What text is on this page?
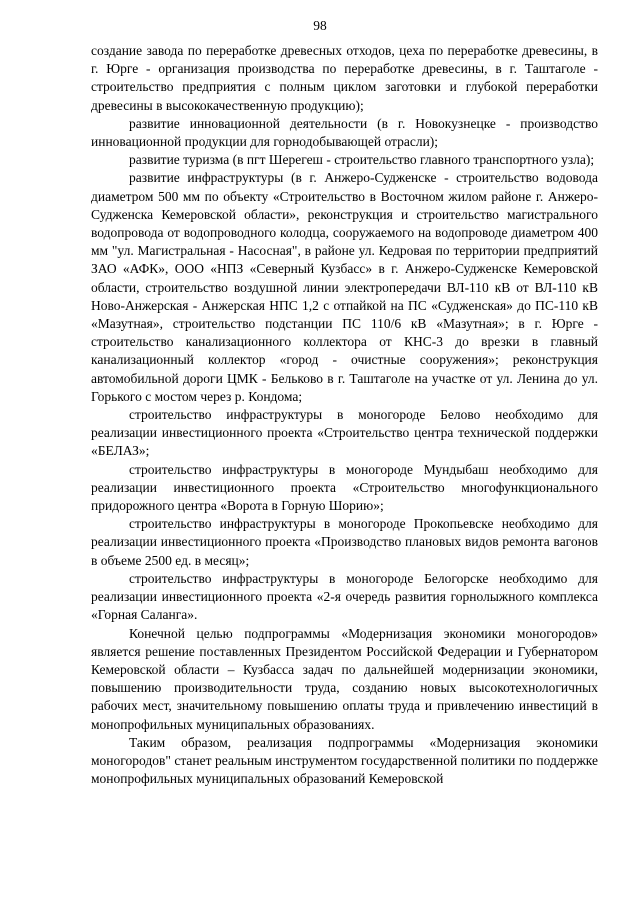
98

создание завода по переработке древесных отходов, цеха по переработке древесины, в г. Юрге - организация производства по переработке древесины, в г. Таштаголе - строительство предприятия с полным циклом заготовки и глубокой переработки древесины в высококачественную продукцию);

развитие инновационной деятельности (в г. Новокузнецке - производство инновационной продукции для горнодобывающей отрасли);

развитие туризма (в пгт Шерегеш - строительство главного транспортного узла);

развитие инфраструктуры (в г. Анжеро-Судженске - строительство водовода диаметром 500 мм по объекту «Строительство в Восточном жилом районе г. Анжеро-Судженска Кемеровской области», реконструкция и строительство магистрального водопровода от водопроводного колодца, сооружаемого на водопроводе диаметром 400 мм "ул. Магистральная - Насосная", в районе ул. Кедровая по территории предприятий ЗАО «АФК», ООО «НПЗ «Северный Кузбасс» в г. Анжеро-Судженске Кемеровской области, строительство воздушной линии электропередачи ВЛ-110 кВ от ВЛ-110 кВ Ново-Анжерская - Анжерская НПС 1,2 с отпайкой на ПС «Судженская» до ПС-110 кВ «Мазутная», строительство подстанции ПС 110/6 кВ «Мазутная»; в г. Юрге - строительство канализационного коллектора от КНС-3 до врезки в главный канализационный коллектор «город - очистные сооружения»; реконструкция автомобильной дороги ЦМК - Бельково в г. Таштаголе на участке от ул. Ленина до ул. Горького с мостом через р. Кондома;

строительство инфраструктуры в моногороде Белово необходимо для реализации инвестиционного проекта «Строительство центра технической поддержки «БЕЛАЗ»;

строительство инфраструктуры в моногороде Мундыбаш необходимо для реализации инвестиционного проекта «Строительство многофункционального придорожного центра «Ворота в Горную Шорию»;

строительство инфраструктуры в моногороде Прокопьевске необходимо для реализации инвестиционного проекта «Производство плановых видов ремонта вагонов в объеме 2500 ед. в месяц»;

строительство инфраструктуры в моногороде Белогорске необходимо для реализации инвестиционного проекта «2-я очередь развития горнолыжного комплекса «Горная Саланга».

Конечной целью подпрограммы «Модернизация экономики моногородов» является решение поставленных Президентом Российской Федерации и Губернатором Кемеровской области – Кузбасса задач по дальнейшей модернизации экономики, повышению производительности труда, созданию новых высокотехнологичных рабочих мест, значительному повышению оплаты труда и привлечению инвестиций в монопрофильных муниципальных образованиях.

Таким образом, реализация подпрограммы «Модернизация экономики моногородов" станет реальным инструментом государственной политики по поддержке монопрофильных муниципальных образований Кемеровской
